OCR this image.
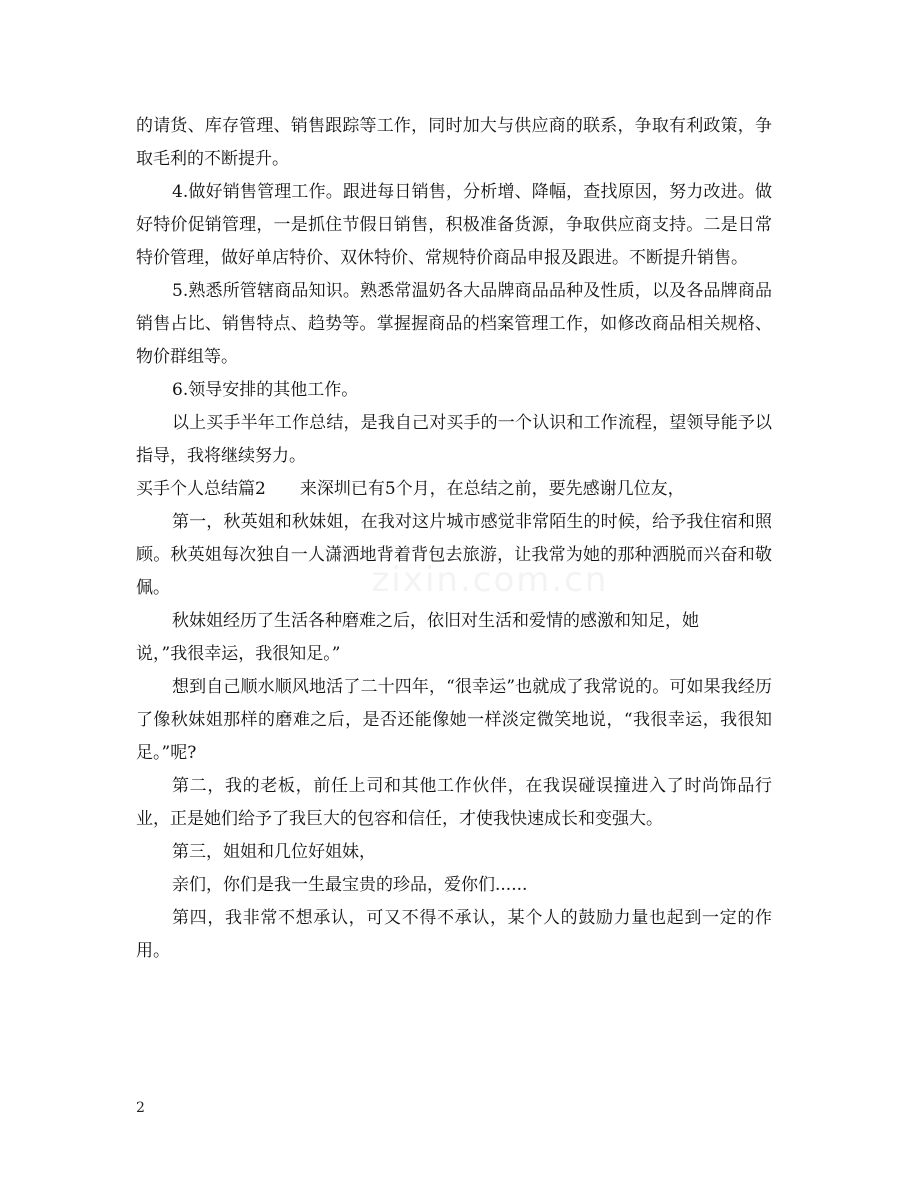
zixin.com.cn

的请货、库存管理、销售跟踪等工作，同时加大与供应商的联系，争取有利政策，争取毛利的不断提升。

4.做好销售管理工作。跟进每日销售，分析增、降幅，查找原因，努力改进。做好特价促销管理，一是抓住节假日销售，积极准备货源，争取供应商支持。二是日常特价管理，做好单店特价、双休特价、常规特价商品申报及跟进。不断提升销售。

5.熟悉所管辖商品知识。熟悉常温奶各大品牌商品品种及性质，以及各品牌商品销售占比、销售特点、趋势等。掌握握商品的档案管理工作，如修改商品相关规格、物价群组等。

6.领导安排的其他工作。

以上买手半年工作总结，是我自己对买手的一个认识和工作流程，望领导能予以指导，我将继续努力。

买手个人总结篇2 来深圳已有5个月，在总结之前，要先感谢几位友，

第一，秋英姐和秋妹姐，在我对这片城市感觉非常陌生的时候，给予我住宿和照顾。秋英姐每次独自一人潇洒地背着背包去旅游，让我常为她的那种洒脱而兴奋和敬佩。

秋妹姐经历了生活各种磨难之后，依旧对生活和爱情的感激和知足，她

说，”我很幸运，我很知足。”

想到自己顺水顺风地活了二十四年，“很幸运”也就成了我常说的。可如果我经历了像秋妹姐那样的磨难之后，是否还能像她一样淡定微笑地说，“我很幸运，我很知足。”呢?

第二，我的老板，前任上司和其他工作伙伴，在我误碰误撞进入了时尚饰品行业，正是她们给予了我巨大的包容和信任，才使我快速成长和变强大。

第三，姐姐和几位好姐妹，

亲们，你们是我一生最宝贵的珍品，爱你们......

第四，我非常不想承认，可又不得不承认，某个人的鼓励力量也起到一定的作用。

2
